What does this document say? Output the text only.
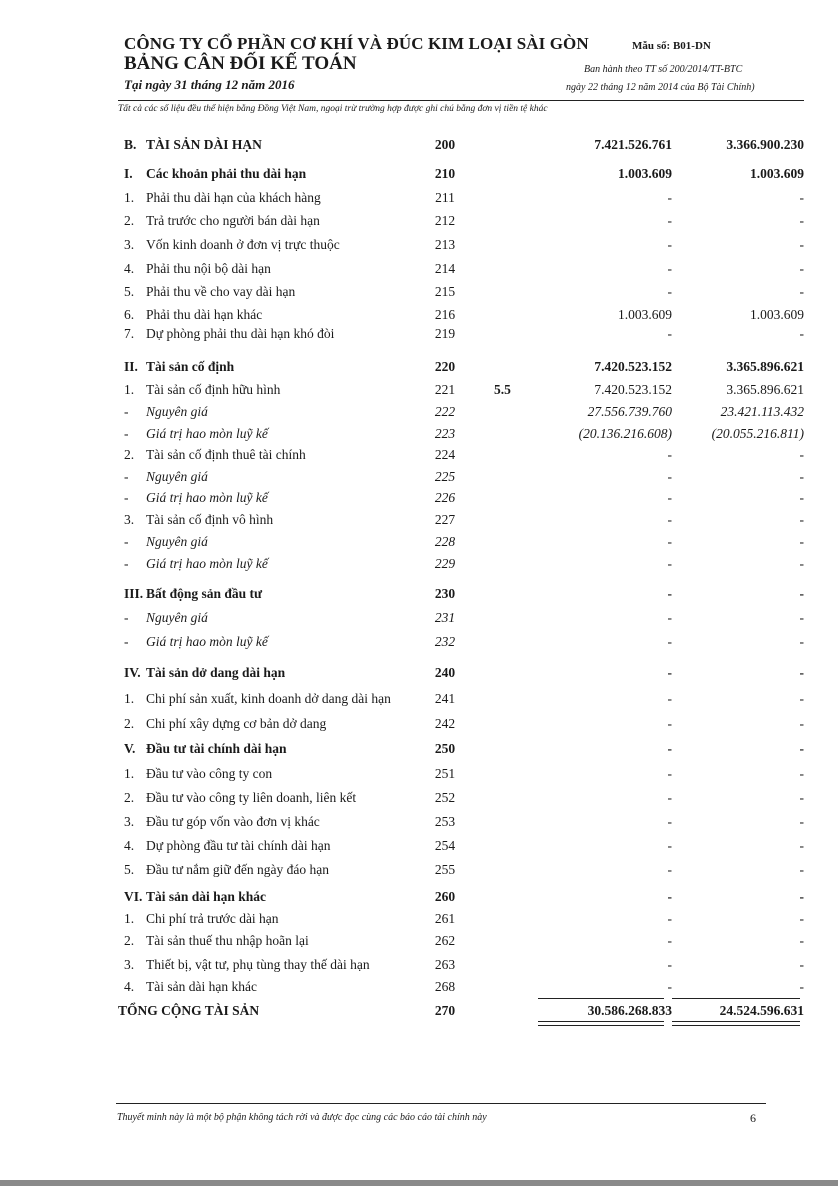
CÔNG TY CỔ PHẦN CƠ KHÍ VÀ ĐÚC KIM LOẠI SÀI GÒN
BẢNG CÂN ĐỐI KẾ TOÁN
Tại ngày 31 tháng 12 năm 2016
Mẫu số: B01-DN
Ban hành theo TT số 200/2014/TT-BTC
ngày 22 tháng 12 năm 2014 của Bộ Tài Chính)
Tất cả các số liệu đều thể hiện bằng Đồng Việt Nam, ngoại trừ trường hợp được ghi chú bằng đơn vị tiền tệ khác
B. TÀI SẢN DÀI HẠN	200	7.421.526.761	3.366.900.230
I. Các khoản phải thu dài hạn	210	1.003.609	1.003.609
1. Phải thu dài hạn của khách hàng	211	-	-
2. Trả trước cho người bán dài hạn	212	-	-
3. Vốn kinh doanh ở đơn vị trực thuộc	213	-	-
4. Phải thu nội bộ dài hạn	214	-	-
5. Phải thu về cho vay dài hạn	215	-	-
6. Phải thu dài hạn khác	216	1.003.609	1.003.609
7. Dự phòng phải thu dài hạn khó đòi	219	-	-
II. Tài sản cố định	220	7.420.523.152	3.365.896.621
1. Tài sản cố định hữu hình	221	5.5	7.420.523.152	3.365.896.621
-	Nguyên giá	222	27.556.739.760	23.421.113.432
-	Giá trị hao mòn luỹ kế	223	(20.136.216.608)	(20.055.216.811)
2. Tài sản cố định thuê tài chính	224	-	-
-	Nguyên giá	225	-	-
-	Giá trị hao mòn luỹ kế	226	-	-
3. Tài sản cố định vô hình	227	-	-
-	Nguyên giá	228	-	-
-	Giá trị hao mòn luỹ kế	229	-	-
III. Bất động sản đầu tư	230	-	-
-	Nguyên giá	231	-	-
-	Giá trị hao mòn luỹ kế	232	-	-
IV. Tài sản dở dang dài hạn	240	-	-
1. Chi phí sản xuất, kinh doanh dở dang dài hạn	241	-	-
2. Chi phí xây dựng cơ bản dở dang	242	-	-
V. Đầu tư tài chính dài hạn	250	-	-
1. Đầu tư vào công ty con	251	-	-
2. Đầu tư vào công ty liên doanh, liên kết	252	-	-
3. Đầu tư góp vốn vào đơn vị khác	253	-	-
4. Dự phòng đầu tư tài chính dài hạn	254	-	-
5. Đầu tư nắm giữ đến ngày đáo hạn	255	-	-
VI. Tài sản dài hạn khác	260	-	-
1. Chi phí trả trước dài hạn	261	-	-
2. Tài sản thuế thu nhập hoãn lại	262	-	-
3. Thiết bị, vật tư, phụ tùng thay thế dài hạn	263	-	-
4. Tài sản dài hạn khác	268	-	-
TỔNG CỘNG TÀI SẢN	270	30.586.268.833	24.524.596.631
Thuyết minh này là một bộ phận không tách rời và được đọc cùng các báo cáo tài chính này	6
